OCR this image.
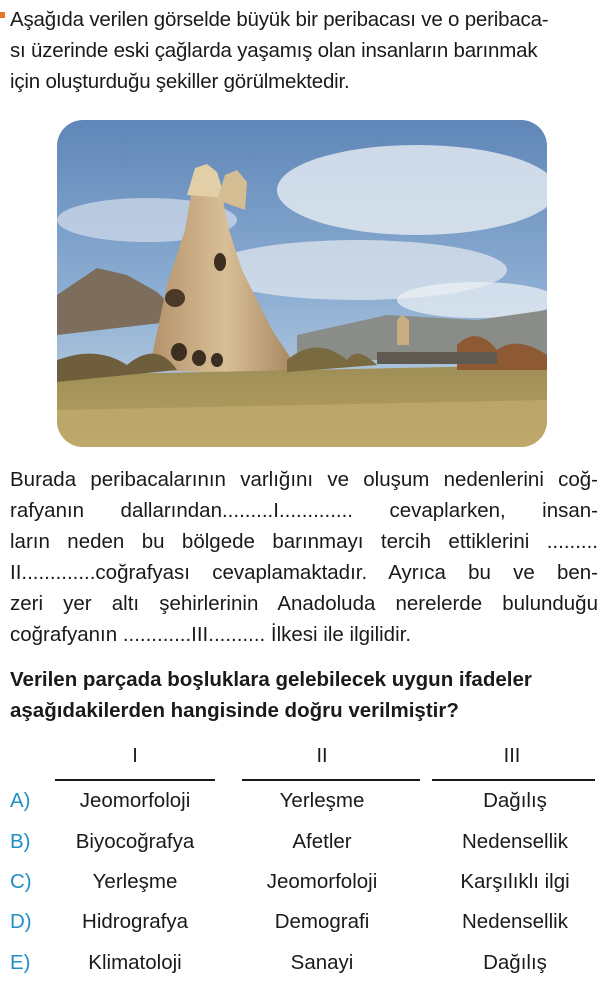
Aşağıda verilen görselde büyük bir peribacası ve o peribaca-
sı üzerinde eski çağlarda yaşamış olan insanların barınmak
için oluşturduğu şekiller görülmektedir.
Burada peribacalarının varlığını ve oluşum nedenlerini coğ-
rafyanın dallarından.........I............. cevaplarken, insan-
ların neden bu bölgede barınmayı tercih ettiklerini .........
II.............coğrafyası cevaplamaktadır. Ayrıca bu ve ben-
zeri yer altı şehirlerinin Anadoluda nerelerde bulunduğu
coğrafyanın ............III.......... İlkesi ile ilgilidir.
Verilen parçada boşluklara gelebilecek uygun ifadeler
aşağıdakilerden hangisinde doğru verilmiştir?
I	II	III
A)	Jeomorfoloji	Yerleşme	Dağılış
B)	Biyocoğrafya	Afetler	Nedensellik
C)	Yerleşme	Jeomorfoloji	Karşılıklı ilgi
D)	Hidrografya	Demografi	Nedensellik
E)	Klimatoloji	Sanayi	Dağılış
